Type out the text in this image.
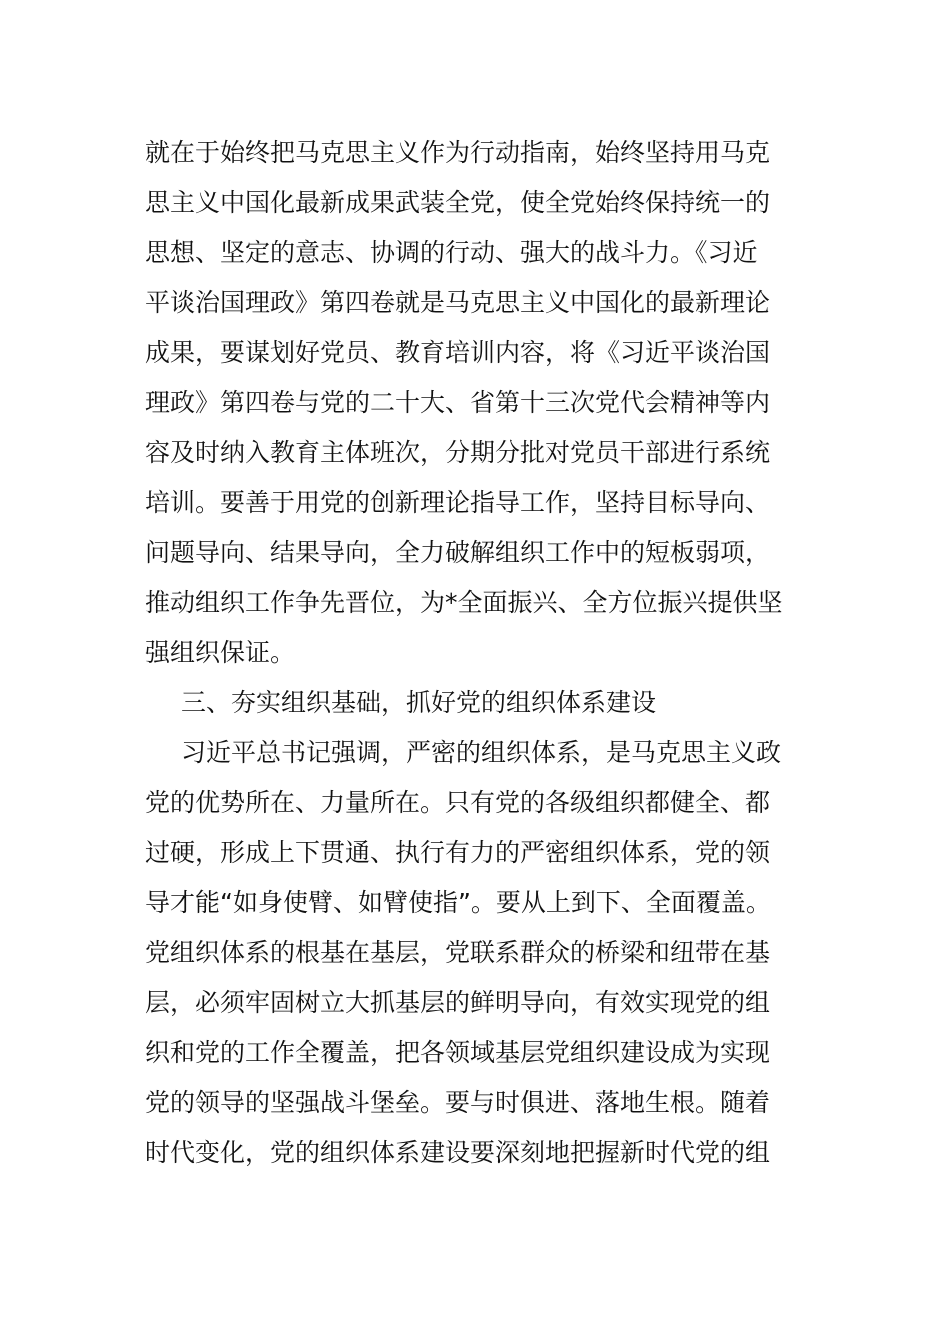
就在于始终把马克思主义作为行动指南，始终坚持用马克
思主义中国化最新成果武装全党，使全党始终保持统一的
思想、坚定的意志、协调的行动、强大的战斗力。《习近
平谈治国理政》第四卷就是马克思主义中国化的最新理论
成果，要谋划好党员、教育培训内容，将《习近平谈治国
理政》第四卷与党的二十大、省第十三次党代会精神等内
容及时纳入教育主体班次，分期分批对党员干部进行系统
培训。要善于用党的创新理论指导工作，坚持目标导向、
问题导向、结果导向，全力破解组织工作中的短板弱项，
推动组织工作争先晋位，为*全面振兴、全方位振兴提供坚
强组织保证。
三、夯实组织基础，抓好党的组织体系建设
习近平总书记强调，严密的组织体系，是马克思主义政
党的优势所在、力量所在。只有党的各级组织都健全、都
过硬，形成上下贯通、执行有力的严密组织体系，党的领
导才能“如身使臂、如臂使指”。要从上到下、全面覆盖。
党组织体系的根基在基层，党联系群众的桥梁和纽带在基
层，必须牢固树立大抓基层的鲜明导向，有效实现党的组
织和党的工作全覆盖，把各领域基层党组织建设成为实现
党的领导的坚强战斗堡垒。要与时俱进、落地生根。随着
时代变化，党的组织体系建设要深刻地把握新时代党的组
